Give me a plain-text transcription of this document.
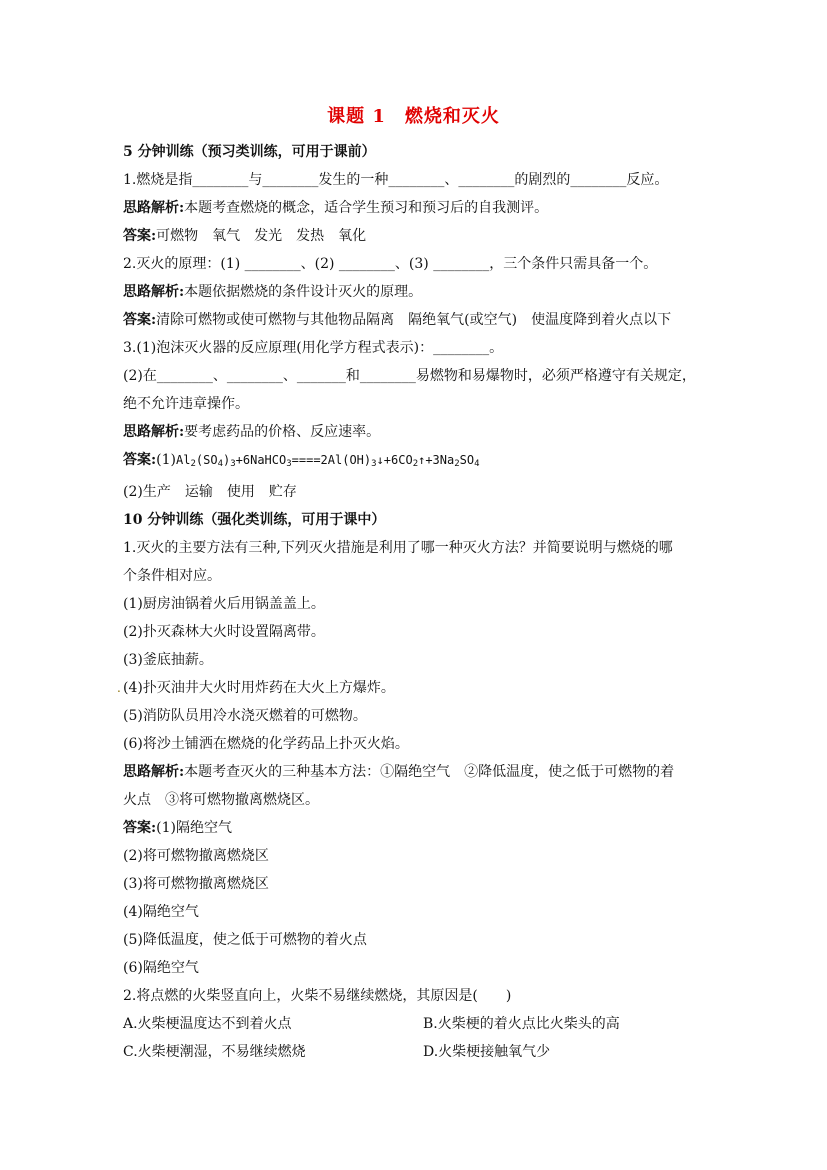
课题 1　燃烧和灭火
5 分钟训练（预习类训练，可用于课前）
1.燃烧是指________与________发生的一种________、________的剧烈的________反应。
思路解析:本题考查燃烧的概念，适合学生预习和预习后的自我测评。
答案:可燃物　氧气　发光　发热　氧化
2.灭火的原理：(1) ________、(2) ________、(3) ________，三个条件只需具备一个。
思路解析:本题依据燃烧的条件设计灭火的原理。
答案:清除可燃物或使可燃物与其他物品隔离　隔绝氧气(或空气)　使温度降到着火点以下
3.(1)泡沫灭火器的反应原理(用化学方程式表示)：________。
(2)在________、________、_______和________易燃物和易爆物时，必须严格遵守有关规定，
绝不允许违章操作。
思路解析:要考虑药品的价格、反应速率。
答案$:(1)Al_2(SO_4)_3+6NaHCO_3====2Al(OH)_3↓+6CO_2↑+3Na_2SO_4$
(2)生产　运输　使用　贮存
10 分钟训练（强化类训练，可用于课中）
1.灭火的主要方法有三种,下列灭火措施是利用了哪一种灭火方法？并简要说明与燃烧的哪
个条件相对应。
(1)厨房油锅着火后用锅盖盖上。
(2)扑灭森林大火时设置隔离带。
(3)釜底抽薪。
. (4)扑灭油井大火时用炸药在大火上方爆炸。
(5)消防队员用冷水浇灭燃着的可燃物。
(6)将沙土铺洒在燃烧的化学药品上扑灭火焰。
思路解析:本题考查灭火的三种基本方法：①隔绝空气　②降低温度，使之低于可燃物的着
火点　③将可燃物撤离燃烧区。
答案:(1)隔绝空气
(2)将可燃物撤离燃烧区
(3)将可燃物撤离燃烧区
(4)隔绝空气
(5)降低温度，使之低于可燃物的着火点
(6)隔绝空气
2.将点燃的火柴竖直向上，火柴不易继续燃烧，其原因是(　　)
A.火柴梗温度达不到着火点	B.火柴梗的着火点比火柴头的高
C.火柴梗潮湿，不易继续燃烧	D.火柴梗接触氧气少
